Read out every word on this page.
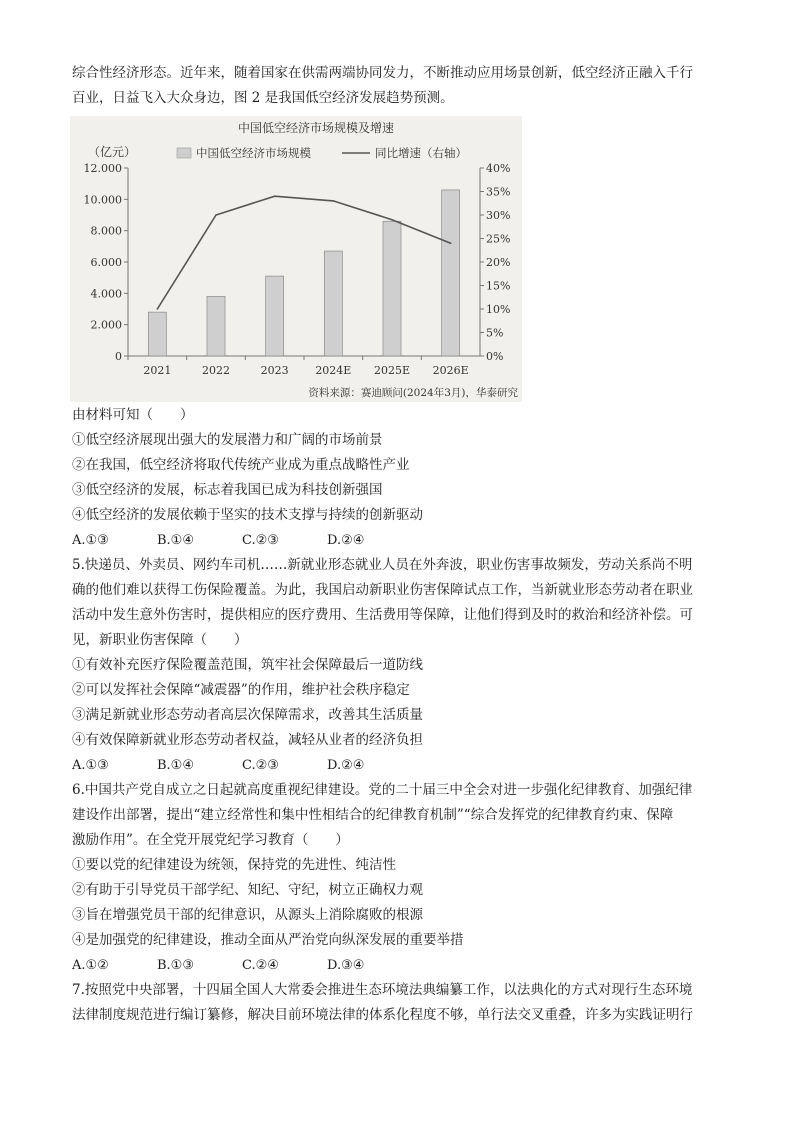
综合性经济形态。近年来，随着国家在供需两端协同发力，不断推动应用场景创新，低空经济正融入千行
百业，日益飞入大众身边，图 2 是我国低空经济发展趋势预测。
中国低空经济市场规模及增速
（亿元）	中国低空经济市场规模	同比增速（右轴）
资料来源：赛迪顾问(2024年3月)，华泰研究
0
2.000
4.000
6.000
8.000
10.000
12.000
0%
5%
10%
15%
20%
25%
30%
35%
40%
2021	2022	2023 2024E 2025E 2026E
由材料可知（　　）
①低空经济展现出强大的发展潜力和广阔的市场前景
②在我国，低空经济将取代传统产业成为重点战略性产业
③低空经济的发展，标志着我国已成为科技创新强国
④低空经济的发展依赖于坚实的技术支撑与持续的创新驱动
A.①③	B.①④	C.②③	D.②④
5.快递员、外卖员、网约车司机……新就业形态就业人员在外奔波，职业伤害事故频发，劳动关系尚不明
确的他们难以获得工伤保险覆盖。为此，我国启动新职业伤害保障试点工作，当新就业形态劳动者在职业
活动中发生意外伤害时，提供相应的医疗费用、生活费用等保障，让他们得到及时的救治和经济补偿。可
见，新职业伤害保障（　　）
①有效补充医疗保险覆盖范围，筑牢社会保障最后一道防线
②可以发挥社会保障“减震器”的作用，维护社会秩序稳定
③满足新就业形态劳动者高层次保障需求，改善其生活质量
④有效保障新就业形态劳动者权益，减轻从业者的经济负担
A.①③	B.①④	C.②③	D.②④
6.中国共产党自成立之日起就高度重视纪律建设。党的二十届三中全会对进一步强化纪律教育、加强纪律
建设作出部署，提出“建立经常性和集中性相结合的纪律教育机制”“综合发挥党的纪律教育约束、保障
激励作用”。在全党开展党纪学习教育（　　）
①要以党的纪律建设为统领，保持党的先进性、纯洁性
②有助于引导党员干部学纪、知纪、守纪，树立正确权力观
③旨在增强党员干部的纪律意识，从源头上消除腐败的根源
④是加强党的纪律建设，推动全面从严治党向纵深发展的重要举措
A.①②	B.①③	C.②④	D.③④
7.按照党中央部署，十四届全国人大常委会推进生态环境法典编纂工作，以法典化的方式对现行生态环境
法律制度规范进行编订纂修，解决目前环境法律的体系化程度不够，单行法交叉重叠，许多为实践证明行
